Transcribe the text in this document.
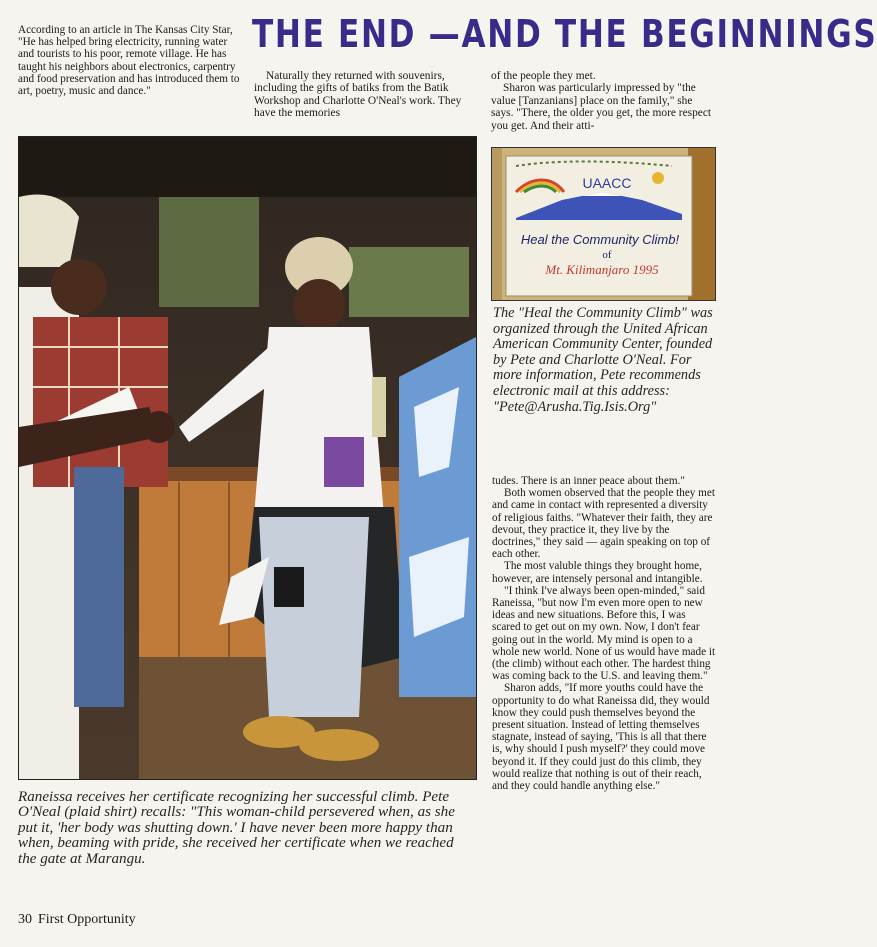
According to an article in The Kansas City Star, "He has helped bring electricity, running water and tourists to his poor, remote village. He has taught his neighbors about electronics, carpentry and food preservation and has introduced them to art, poetry, music and dance."

THE END —AND THE BEGINNINGS

Naturally they returned with souvenirs, including the gifts of batiks from the Batik Workshop and Charlotte O'Neal's work. They have the memories

of the people they met.

Sharon was particularly impressed by "the value [Tanzanians] place on the family," she says. "There, the older you get, the more respect you get. And their atti-

UAACC
Heal the Community Climb!
of
Mt. Kilimanjaro 1995
The "Heal the Community Climb" was organized through the United African American Community Center, founded by Pete and Charlotte O'Neal. For more information, Pete recommends electronic mail at this address:
"Pete@Arusha.Tig.Isis.Org"

tudes. There is an inner peace about them."

Both women observed that the people they met and came in contact with represented a diversity of religious faiths. "Whatever their faith, they are devout, they practice it, they live by the doctrines," they said — again speaking on top of each other.

The most valuble things they brought home, however, are intensely personal and intangible.

"I think I've always been open-minded," said Raneissa, "but now I'm even more open to new ideas and new situations. Before this, I was scared to get out on my own. Now, I don't fear going out in the world. My mind is open to a whole new world. None of us would have made it (the climb) without each other. The hardest thing was coming back to the U.S. and leaving them."

Sharon adds, "If more youths could have the opportunity to do what Raneissa did, they would know they could push themselves beyond the present situation. Instead of letting themselves stagnate, instead of saying, 'This is all that there is, why should I push myself?' they could move beyond it. If they could just do this climb, they would realize that nothing is out of their reach, and they could handle anything else."

Raneissa receives her certificate recognizing her successful climb. Pete O'Neal (plaid shirt) recalls: "This woman-child persevered when, as she put it, 'her body was shutting down.' I have never been more happy than when, beaming with pride, she received her certificate when we reached the gate at Marangu.
30 First Opportunity
